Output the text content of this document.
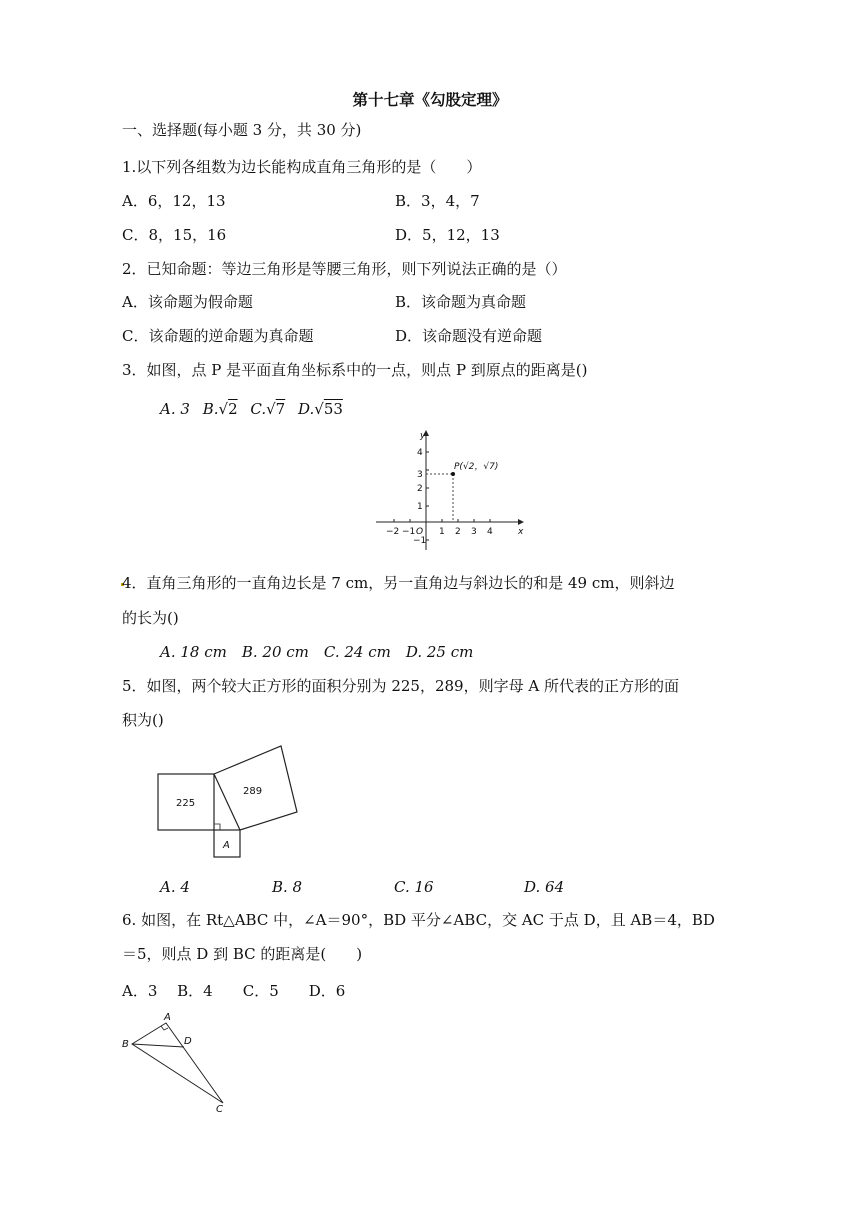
第十七章《勾股定理》
一、选择题(每小题 3 分，共 30 分)
1.以下列各组数为边长能构成直角三角形的是（　　）
A．6，12，13	B．3，4，7
C．8，15，16	D．5，12，13
2．已知命题：等边三角形是等腰三角形，则下列说法正确的是（）
A．该命题为假命题	B．该命题为真命题
C．该命题的逆命题为真命题	D．该命题没有逆命题
3．如图，点 P 是平面直角坐标系中的一点，则点 P 到原点的距离是()
A. 3 B.√2 C.√7 D.√53
P(√2，√7)
x
y
O
−2 −1	1 2 3 4
4
3
2
1
−1
4．直角三角形的一直角边长是 7 cm，另一直角边与斜边长的和是 49 cm，则斜边
的长为()
A. 18 cm　B. 20 cm　C. 24 cm　D. 25 cm
5．如图，两个较大正方形的面积分别为 225，289，则字母 A 所代表的正方形的面
积为()
225
289
A
A. 4	B. 8	C. 16	D. 64
6. 如图，在 Rt△ABC 中，∠A＝90°，BD 平分∠ABC，交 AC 于点 D，且 AB＝4，BD
＝5，则点 D 到 BC 的距离是(　　)
A．3　 B．4　　C．5　　D．6
A
B
C
D
